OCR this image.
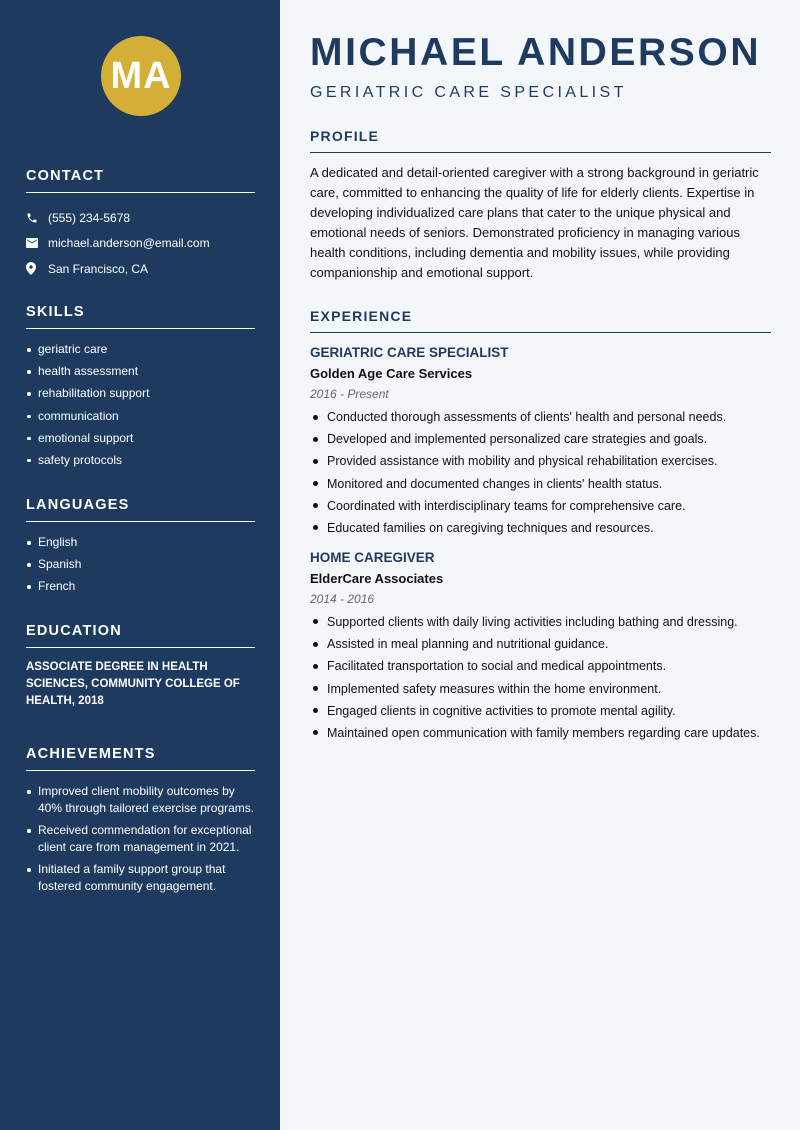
MA
CONTACT
(555) 234-5678
michael.anderson@email.com
San Francisco, CA
SKILLS
geriatric care
health assessment
rehabilitation support
communication
emotional support
safety protocols
LANGUAGES
English
Spanish
French
EDUCATION

ASSOCIATE DEGREE IN HEALTH SCIENCES, COMMUNITY COLLEGE OF HEALTH, 2018

ACHIEVEMENTS
Improved client mobility outcomes by 40% through tailored exercise programs.
Received commendation for exceptional client care from management in 2021.
Initiated a family support group that fostered community engagement.
MICHAEL ANDERSON
GERIATRIC CARE SPECIALIST
PROFILE

A dedicated and detail-oriented caregiver with a strong background in geriatric care, committed to enhancing the quality of life for elderly clients. Expertise in developing individualized care plans that cater to the unique physical and emotional needs of seniors. Demonstrated proficiency in managing various health conditions, including dementia and mobility issues, while providing companionship and emotional support.

EXPERIENCE
GERIATRIC CARE SPECIALIST
Golden Age Care Services
2016 - Present
Conducted thorough assessments of clients' health and personal needs.
Developed and implemented personalized care strategies and goals.
Provided assistance with mobility and physical rehabilitation exercises.
Monitored and documented changes in clients' health status.
Coordinated with interdisciplinary teams for comprehensive care.
Educated families on caregiving techniques and resources.
HOME CAREGIVER
ElderCare Associates
2014 - 2016
Supported clients with daily living activities including bathing and dressing.
Assisted in meal planning and nutritional guidance.
Facilitated transportation to social and medical appointments.
Implemented safety measures within the home environment.
Engaged clients in cognitive activities to promote mental agility.
Maintained open communication with family members regarding care updates.
